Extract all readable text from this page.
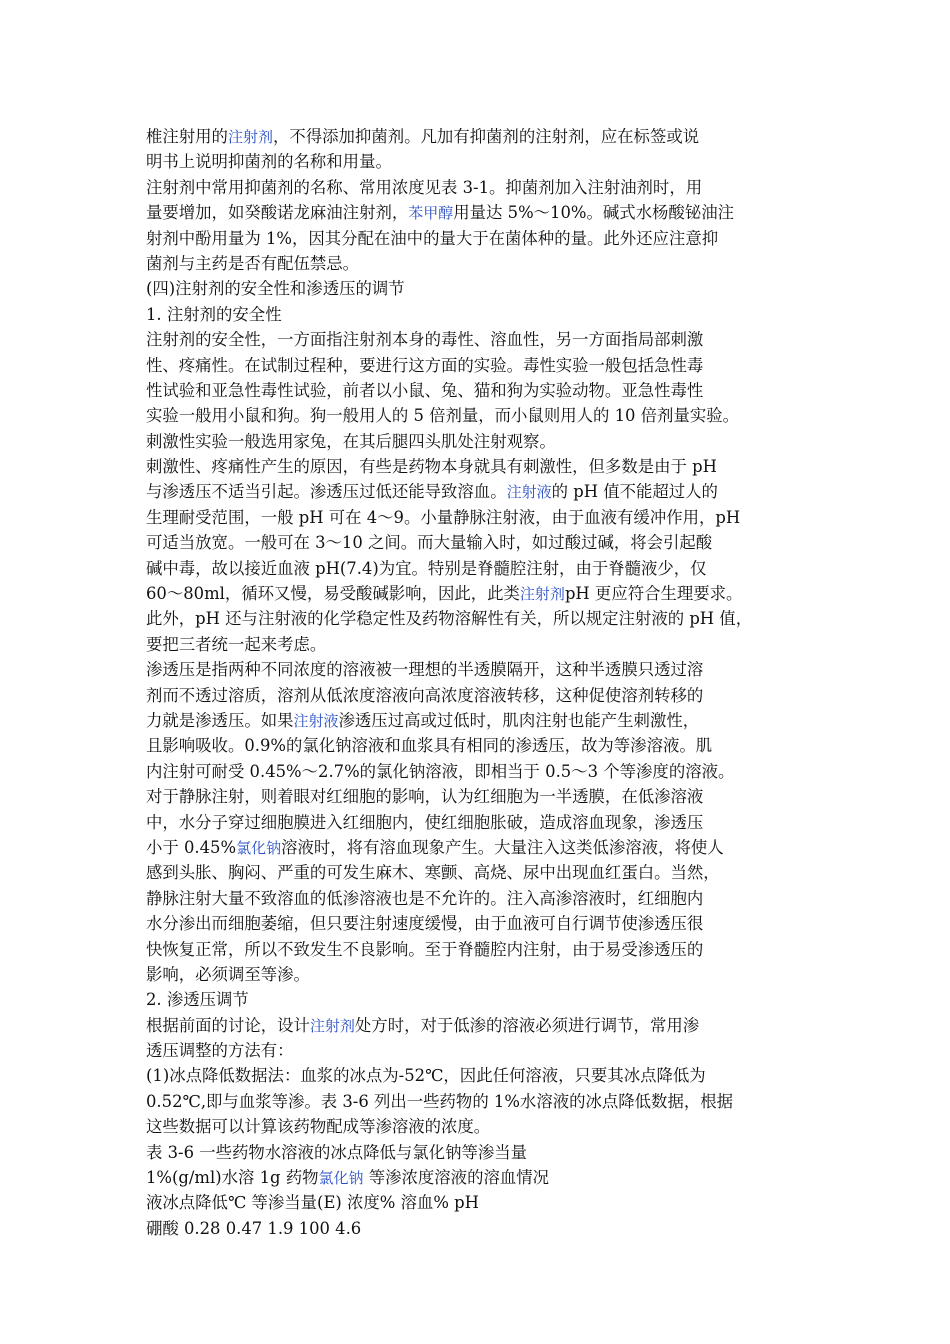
椎注射用的注射剂，不得添加抑菌剂。凡加有抑菌剂的注射剂，应在标签或说
明书上说明抑菌剂的名称和用量。
注射剂中常用抑菌剂的名称、常用浓度见表 3-1。抑菌剂加入注射油剂时，用
量要增加，如癸酸诺龙麻油注射剂，苯甲醇用量达 5%～10%。碱式水杨酸铋油注
射剂中酚用量为 1%，因其分配在油中的量大于在菌体种的量。此外还应注意抑
菌剂与主药是否有配伍禁忌。
(四)注射剂的安全性和渗透压的调节
1. 注射剂的安全性
注射剂的安全性，一方面指注射剂本身的毒性、溶血性，另一方面指局部刺激
性、疼痛性。在试制过程种，要进行这方面的实验。毒性实验一般包括急性毒
性试验和亚急性毒性试验，前者以小鼠、兔、猫和狗为实验动物。亚急性毒性
实验一般用小鼠和狗。狗一般用人的 5 倍剂量，而小鼠则用人的 10 倍剂量实验。
刺激性实验一般选用家兔，在其后腿四头肌处注射观察。
刺激性、疼痛性产生的原因，有些是药物本身就具有刺激性，但多数是由于 pH
与渗透压不适当引起。渗透压过低还能导致溶血。注射液的 pH 值不能超过人的
生理耐受范围，一般 pH 可在 4～9。小量静脉注射液，由于血液有缓冲作用，pH
可适当放宽。一般可在 3～10 之间。而大量输入时，如过酸过碱，将会引起酸
碱中毒，故以接近血液 pH(7.4)为宜。特别是脊髓腔注射，由于脊髓液少，仅
60～80ml，循环又慢，易受酸碱影响，因此，此类注射剂pH 更应符合生理要求。
此外，pH 还与注射液的化学稳定性及药物溶解性有关，所以规定注射液的 pH 值，
要把三者统一起来考虑。
渗透压是指两种不同浓度的溶液被一理想的半透膜隔开，这种半透膜只透过溶
剂而不透过溶质，溶剂从低浓度溶液向高浓度溶液转移，这种促使溶剂转移的
力就是渗透压。如果注射液渗透压过高或过低时，肌肉注射也能产生刺激性，
且影响吸收。0.9%的氯化钠溶液和血浆具有相同的渗透压，故为等渗溶液。肌
内注射可耐受 0.45%～2.7%的氯化钠溶液，即相当于 0.5～3 个等渗度的溶液。
对于静脉注射，则着眼对红细胞的影响，认为红细胞为一半透膜，在低渗溶液
中，水分子穿过细胞膜进入红细胞内，使红细胞胀破，造成溶血现象，渗透压
小于 0.45%氯化钠溶液时，将有溶血现象产生。大量注入这类低渗溶液，将使人
感到头胀、胸闷、严重的可发生麻木、寒颤、高烧、尿中出现血红蛋白。当然，
静脉注射大量不致溶血的低渗溶液也是不允许的。注入高渗溶液时，红细胞内
水分渗出而细胞萎缩，但只要注射速度缓慢，由于血液可自行调节使渗透压很
快恢复正常，所以不致发生不良影响。至于脊髓腔内注射，由于易受渗透压的
影响，必须调至等渗。
2. 渗透压调节
根据前面的讨论，设计注射剂处方时，对于低渗的溶液必须进行调节，常用渗
透压调整的方法有：
(1)冰点降低数据法：血浆的冰点为-52℃，因此任何溶液，只要其冰点降低为
0.52℃,即与血浆等渗。表 3-6 列出一些药物的 1%水溶液的冰点降低数据，根据
这些数据可以计算该药物配成等渗溶液的浓度。
表 3-6 一些药物水溶液的冰点降低与氯化钠等渗当量
1%(g/ml)水溶 1g 药物氯化钠 等渗浓度溶液的溶血情况
液冰点降低℃ 等渗当量(E) 浓度% 溶血% pH
硼酸 0.28 0.47 1.9 100 4.6
